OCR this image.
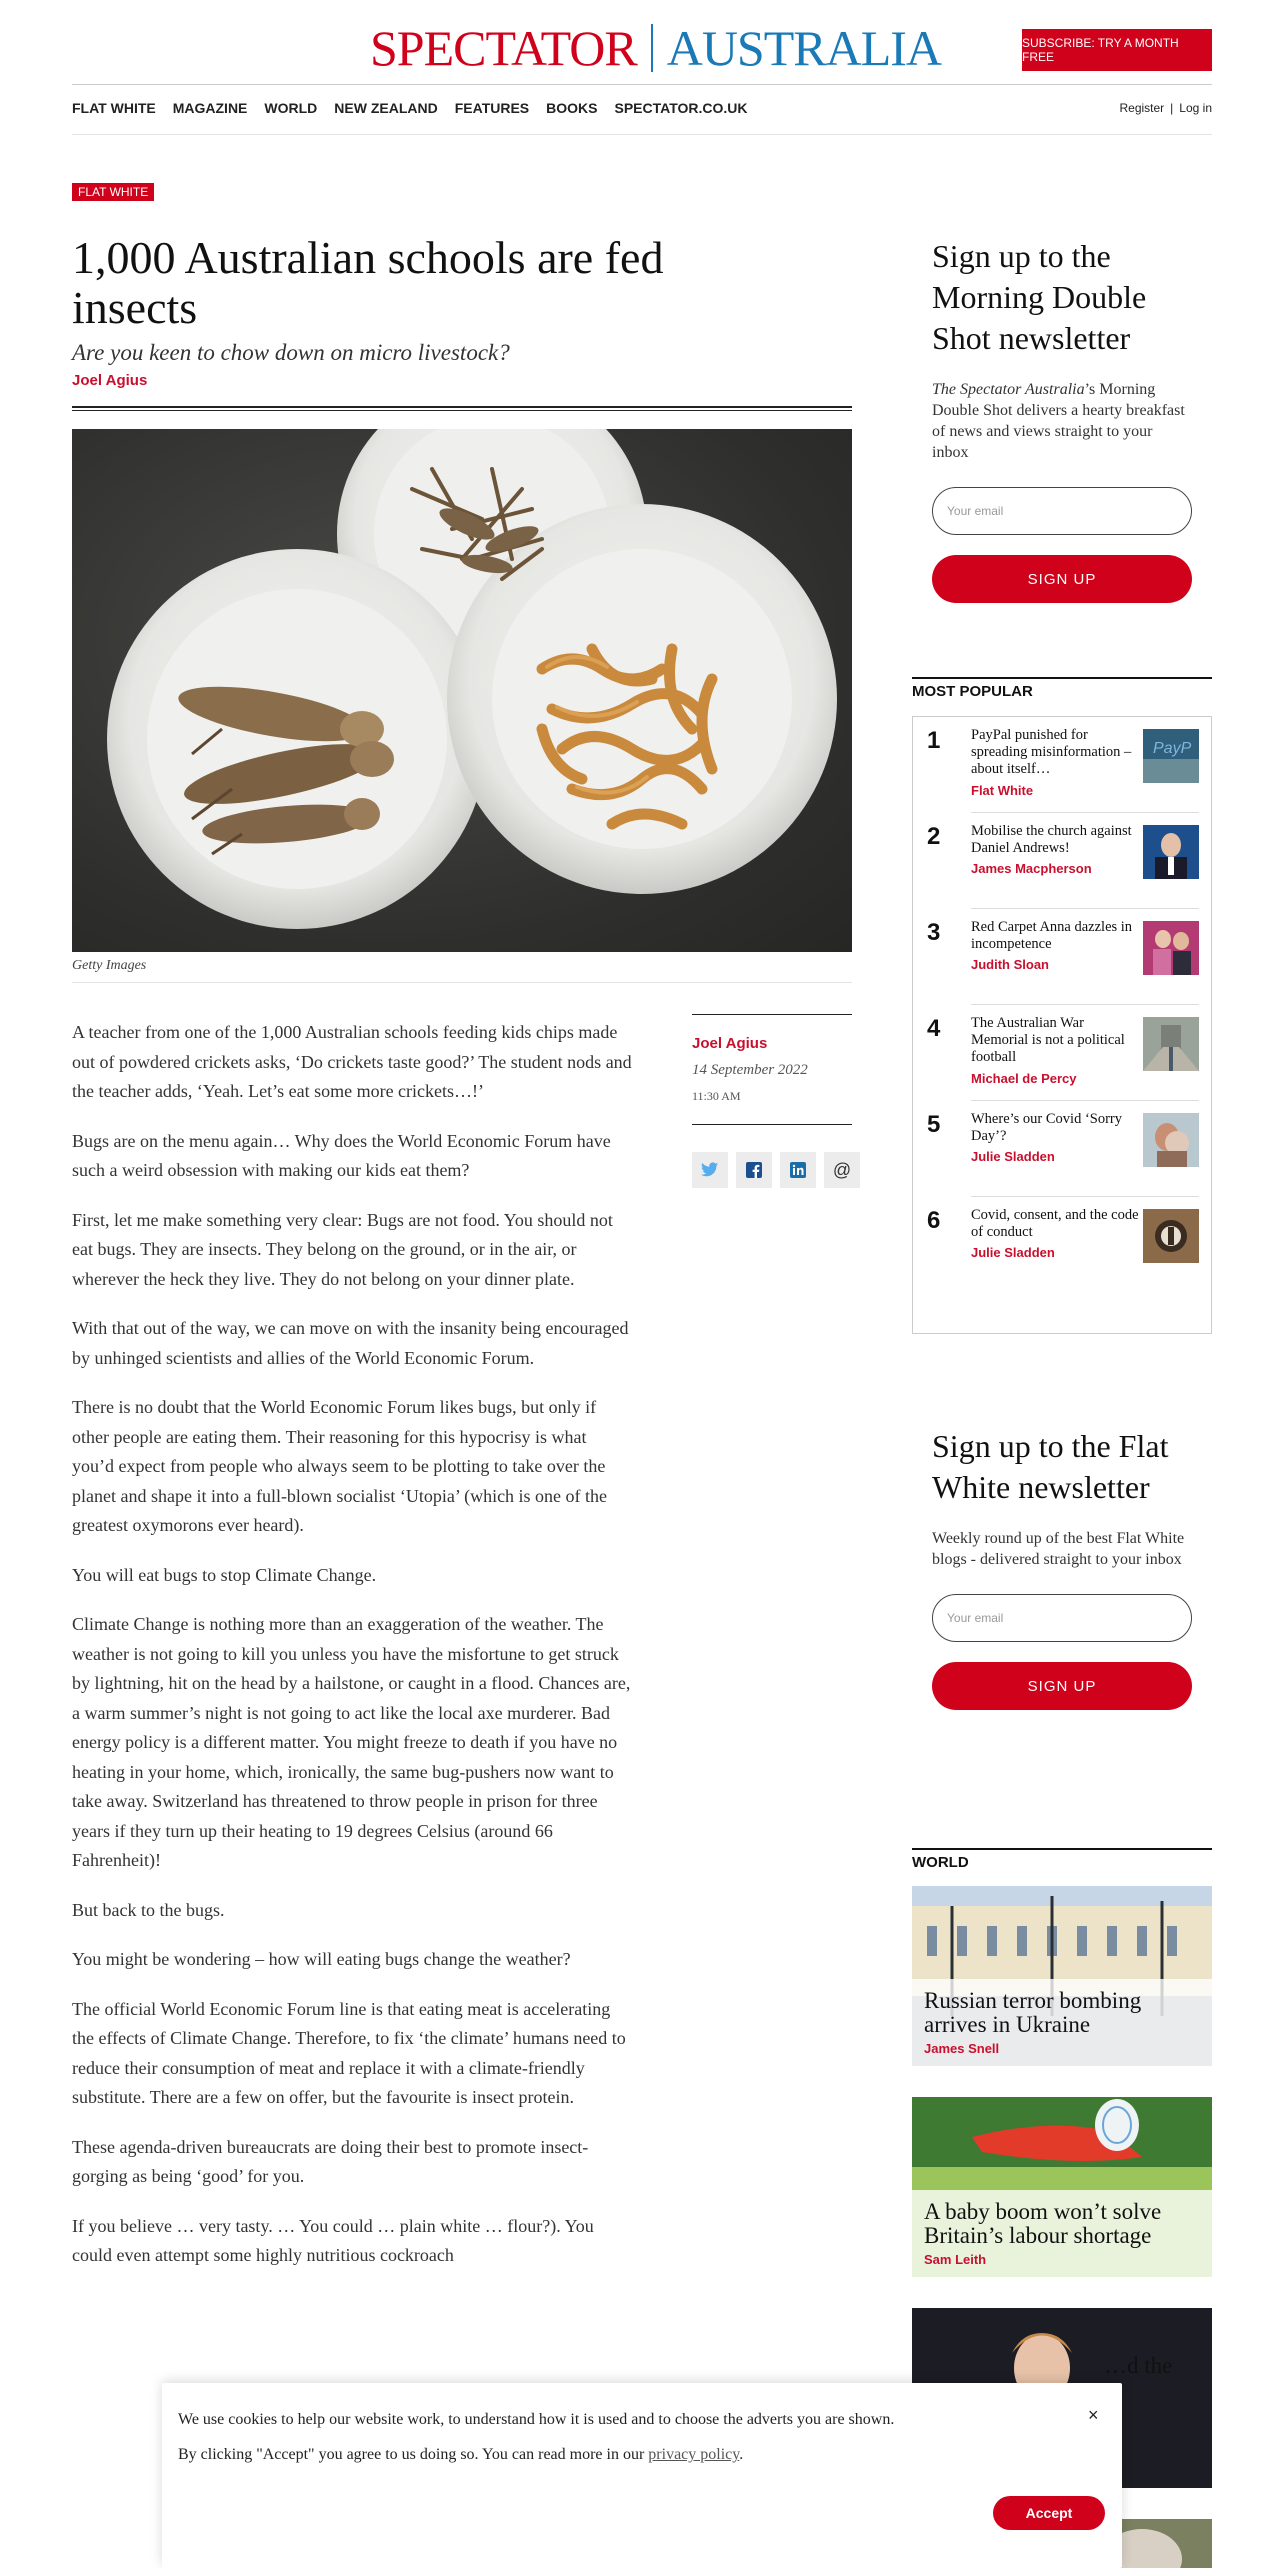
SPECTATOR AUSTRALIA	SUBSCRIBE: TRY A MONTH FREE
FLAT WHITE MAGAZINE WORLD NEW ZEALAND FEATURES BOOKS SPECTATOR.CO.UK	Register | Log in
FLAT WHITE
1,000 Australian schools are fed insects
Are you keen to chow down on micro livestock?
Joel Agius
Getty Images

A teacher from one of the 1,000 Australian schools feeding kids chips made out of powdered crickets asks, ‘Do crickets taste good?’ The student nods and the teacher adds, ‘Yeah. Let’s eat some more crickets…!’

Bugs are on the menu again… Why does the World Economic Forum have such a weird obsession with making our kids eat them?

First, let me make something very clear: Bugs are not food. You should not eat bugs. They are insects. They belong on the ground, or in the air, or wherever the heck they live. They do not belong on your dinner plate.

With that out of the way, we can move on with the insanity being encouraged by unhinged scientists and allies of the World Economic Forum.

There is no doubt that the World Economic Forum likes bugs, but only if other people are eating them. Their reasoning for this hypocrisy is what you’d expect from people who always seem to be plotting to take over the planet and shape it into a full-blown socialist ‘Utopia’ (which is one of the greatest oxymorons ever heard).

You will eat bugs to stop Climate Change.

Climate Change is nothing more than an exaggeration of the weather. The weather is not going to kill you unless you have the misfortune to get struck by lightning, hit on the head by a hailstone, or caught in a flood. Chances are, a warm summer’s night is not going to act like the local axe murderer. Bad energy policy is a different matter. You might freeze to death if you have no heating in your home, which, ironically, the same bug-pushers now want to take away. Switzerland has threatened to throw people in prison for three years if they turn up their heating to 19 degrees Celsius (around 66 Fahrenheit)!

But back to the bugs.

You might be wondering – how will eating bugs change the weather?

The official World Economic Forum line is that eating meat is accelerating the effects of Climate Change. Therefore, to fix ‘the climate’ humans need to reduce their consumption of meat and replace it with a climate-friendly substitute. There are a few on offer, but the favourite is insect protein.

These agenda-driven bureaucrats are doing their best to promote insect-gorging as being ‘good’ for you.

If you believe … very tasty. … You could … plain white … flour?). You could even attempt some highly nutritious cockroach

Joel Agius
14 September 2022
11:30 AM
@
Sign up to the Morning Double Shot newsletter
The Spectator Australia’s Morning Double Shot delivers a hearty breakfast of news and views straight to your inbox
Your email
SIGN UP
MOST POPULAR
1 PayPal punished for spreading misinformation – about itself…
Flat White
PayP
2 Mobilise the church against Daniel Andrews!
James Macpherson
3 Red Carpet Anna dazzles in incompetence
Judith Sloan
4 The Australian War Memorial is not a political football
Michael de Percy
5 Where’s our Covid ‘Sorry Day’?
Julie Sladden
6 Covid, consent, and the code of conduct
Julie Sladden
Sign up to the Flat White newsletter
Weekly round up of the best Flat White blogs - delivered straight to your inbox
Your email
SIGN UP
WORLD
Russian terror bombing arrives in Ukraine
James Snell
A baby boom won’t solve Britain’s labour shortage
Sam Leith
…d the
We use cookies to help our website work, to understand how it is used and to choose the adverts you are shown.
By clicking "Accept" you agree to us doing so. You can read more in our privacy policy.
×
Accept
